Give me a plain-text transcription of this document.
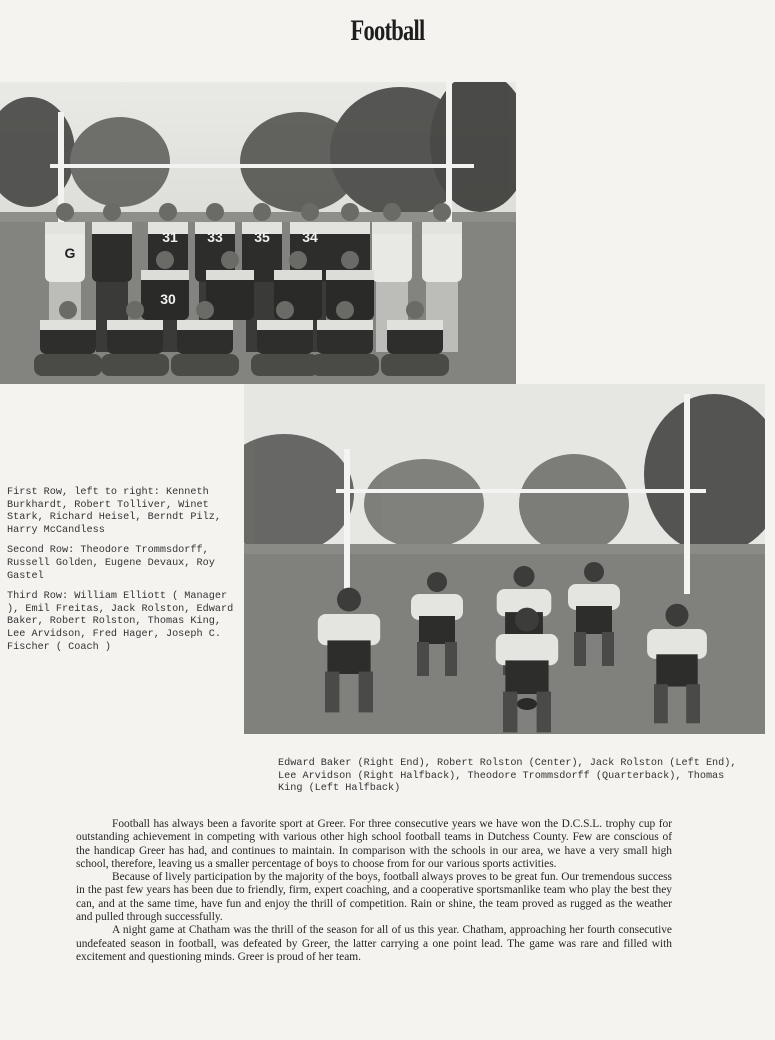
Football
G
31 33 35 34
30

First Row, left to right: Kenneth Burkhardt, Robert Tolliver, Winet Stark, Richard Heisel, Berndt Pilz, Harry McCandless

Second Row: Theodore Trommsdorff, Russell Golden, Eugene Devaux, Roy Gastel

Third Row: William Elliott ( Manager ), Emil Freitas, Jack Rolston, Edward Baker, Robert Rolston, Thomas King, Lee Arvidson, Fred Hager, Joseph C. Fischer ( Coach )

Edward Baker (Right End), Robert Rolston (Center), Jack Rolston (Left End), Lee Arvidson (Right Halfback), Theodore Trommsdorff (Quarterback), Thomas King (Left Halfback)

Football has always been a favorite sport at Greer. For three consecutive years we have won the D.C.S.L. trophy cup for outstanding achievement in competing with various other high school football teams in Dutchess County. Few are conscious of the handicap Greer has had, and continues to maintain. In comparison with the schools in our area, we have a very small high school, therefore, leaving us a smaller percentage of boys to choose from for our various sports activities.

Because of lively participation by the majority of the boys, football always proves to be great fun. Our tremendous success in the past few years has been due to friendly, firm, expert coaching, and a cooperative sportsmanlike team who play the best they can, and at the same time, have fun and enjoy the thrill of competition. Rain or shine, the team proved as rugged as the weather and pulled through successfully.

A night game at Chatham was the thrill of the season for all of us this year. Chatham, approaching her fourth consecutive undefeated season in football, was defeated by Greer, the latter carrying a one point lead. The game was rare and filled with excitement and questioning minds. Greer is proud of her team.
